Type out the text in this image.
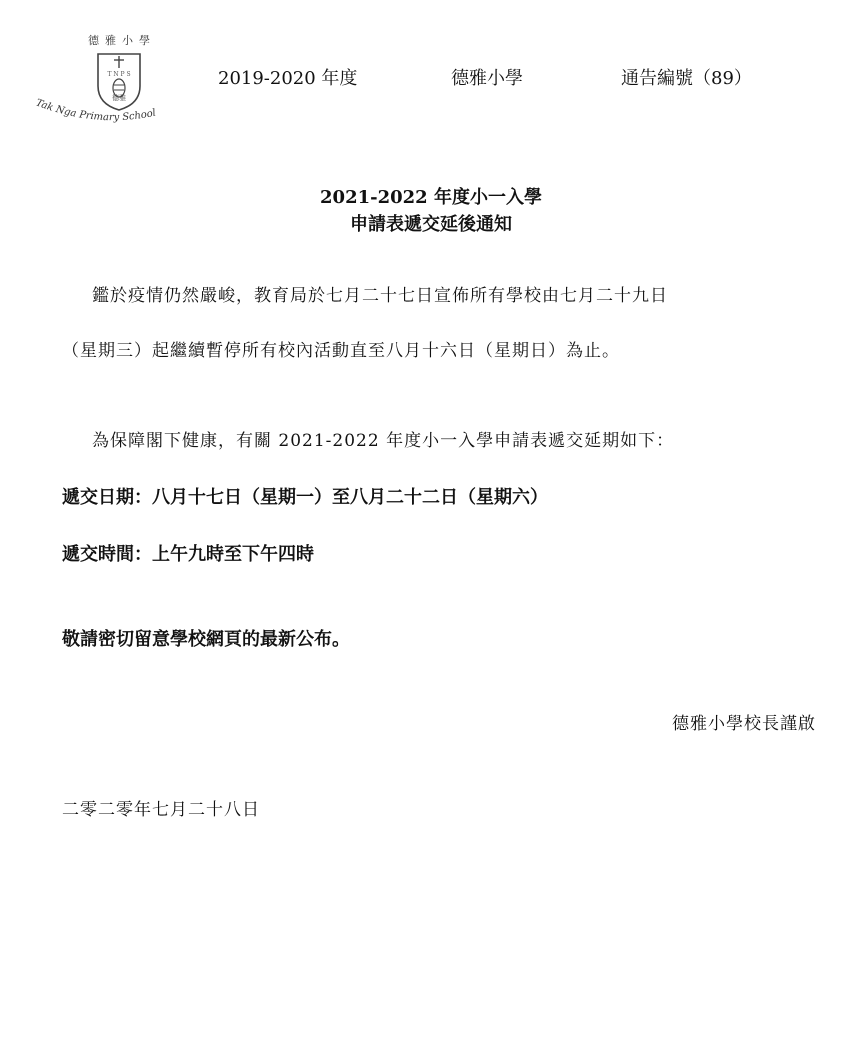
德雅小學
T N P S
德雅
Tak Nga Primary School
2019-2020 年度	德雅小學	通告編號（89）
2021-2022 年度小一入學
申請表遞交延後通知
鑑於疫情仍然嚴峻，教育局於七月二十七日宣佈所有學校由七月二十九日
（星期三）起繼續暫停所有校內活動直至八月十六日（星期日）為止。
為保障閣下健康，有關 2021-2022 年度小一入學申請表遞交延期如下：
遞交日期：八月十七日（星期一）至八月二十二日（星期六）
遞交時間：上午九時至下午四時
敬請密切留意學校網頁的最新公布。
德雅小學校長謹啟
二零二零年七月二十八日
